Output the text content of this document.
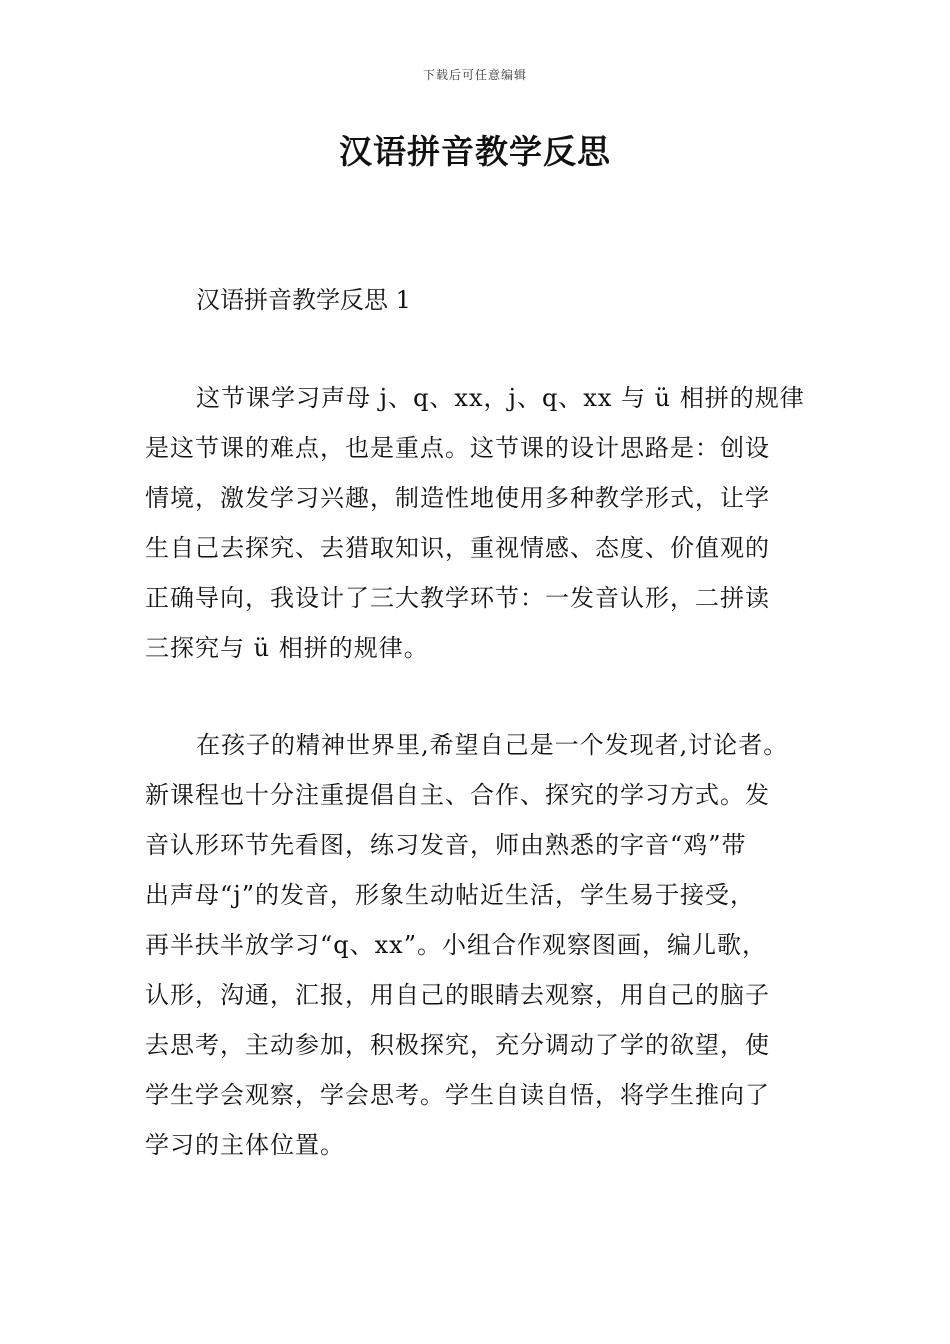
下载后可任意编辑
汉语拼音教学反思
汉语拼音教学反思 1

这节课学习声母 j、q、xx，j、q、xx 与 ü 相拼的规律
是这节课的难点，也是重点。这节课的设计思路是：创设
情境，激发学习兴趣，制造性地使用多种教学形式，让学
生自己去探究、去猎取知识，重视情感、态度、价值观的
正确导向，我设计了三大教学环节：一发音认形，二拼读
三探究与 ü 相拼的规律。

在孩子的精神世界里,希望自己是一个发现者,讨论者。
新课程也十分注重提倡自主、合作、探究的学习方式。发
音认形环节先看图，练习发音，师由熟悉的字音“鸡”带
出声母“j”的发音，形象生动帖近生活，学生易于接受，
再半扶半放学习“q、xx”。小组合作观察图画，编儿歌，
认形，沟通，汇报，用自己的眼睛去观察，用自己的脑子
去思考，主动参加，积极探究，充分调动了学的欲望，使
学生学会观察，学会思考。学生自读自悟，将学生推向了
学习的主体位置。
